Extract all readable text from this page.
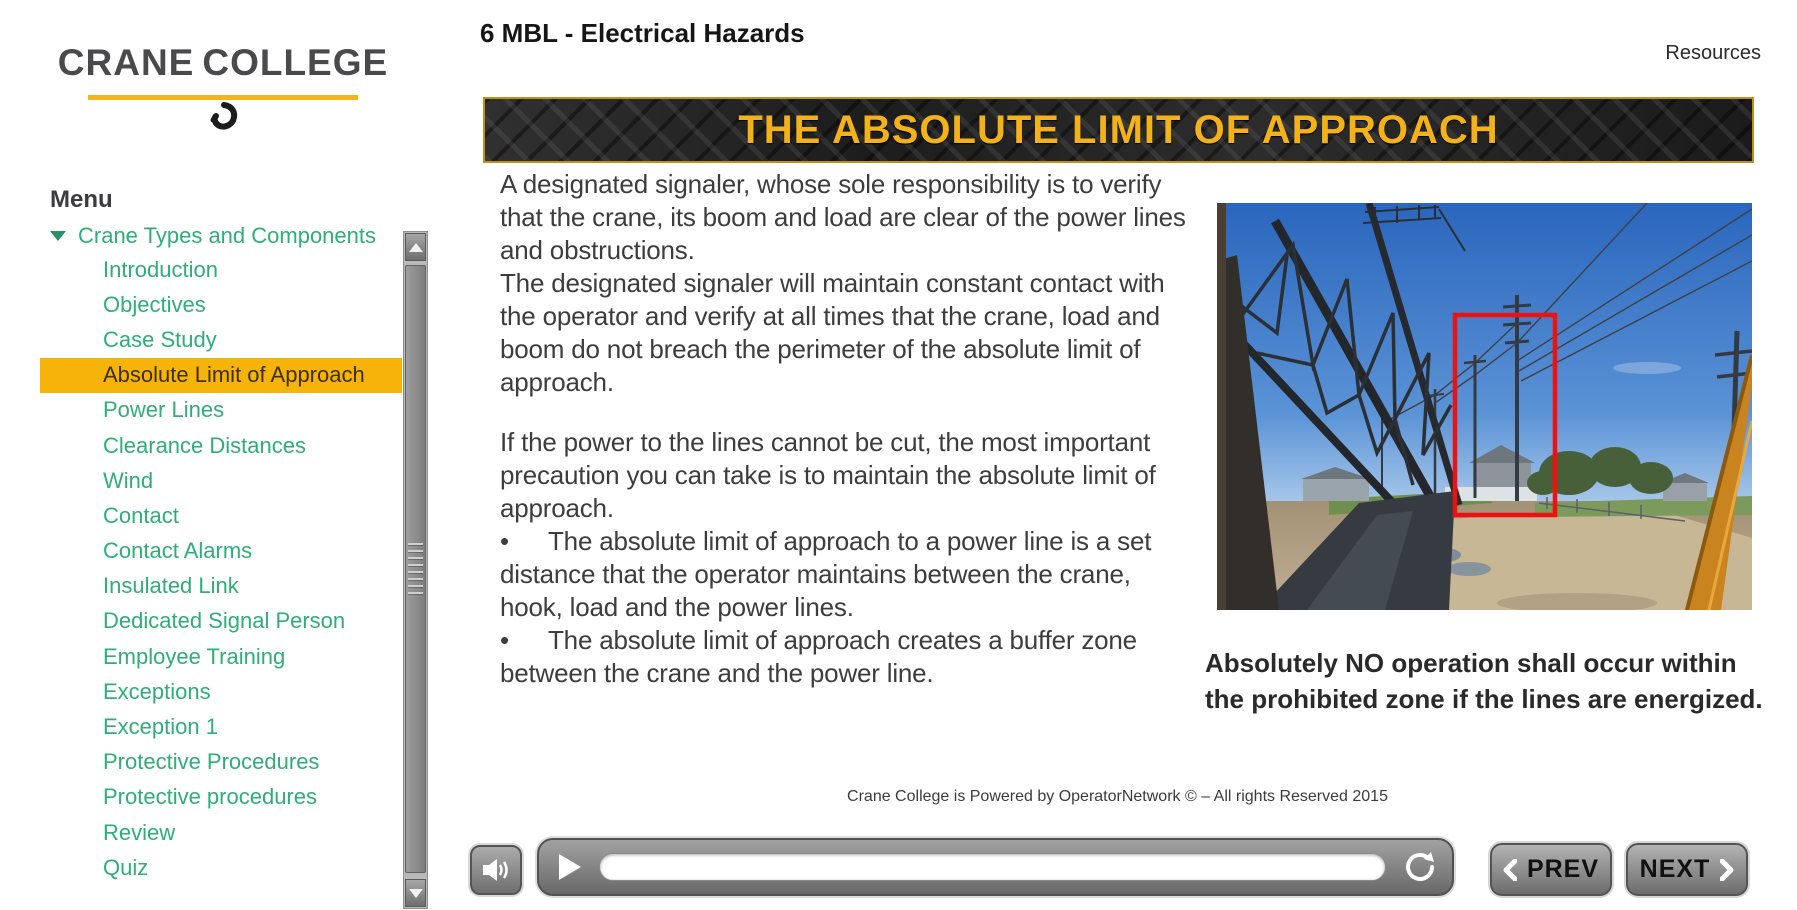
CRANE COLLEGE
Menu
Crane Types and Components
Introduction
Objectives
Case Study
Absolute Limit of Approach
Power Lines
Clearance Distances
Wind
Contact
Contact Alarms
Insulated Link
Dedicated Signal Person
Employee Training
Exceptions
Exception 1
Protective Procedures
Protective procedures
Review
Quiz
6 MBL - Electrical Hazards
Resources
THE ABSOLUTE LIMIT OF APPROACH
A designated signaler, whose sole responsibility is to verify that the crane, its boom and load are clear of the power lines and obstructions.
The designated signaler will maintain constant contact with the operator and verify at all times that the crane, load and boom do not breach the perimeter of the absolute limit of approach.
If the power to the lines cannot be cut, the most important precaution you can take is to maintain the absolute limit of approach.
• The absolute limit of approach to a power line is a set distance that the operator maintains between the crane, hook, load and the power lines.
• The absolute limit of approach creates a buffer zone between the crane and the power line.	Absolutely NO operation shall occur within the prohibited zone if the lines are energized.
Crane College is Powered by OperatorNetwork © – All rights Reserved 2015
PREV NEXT
